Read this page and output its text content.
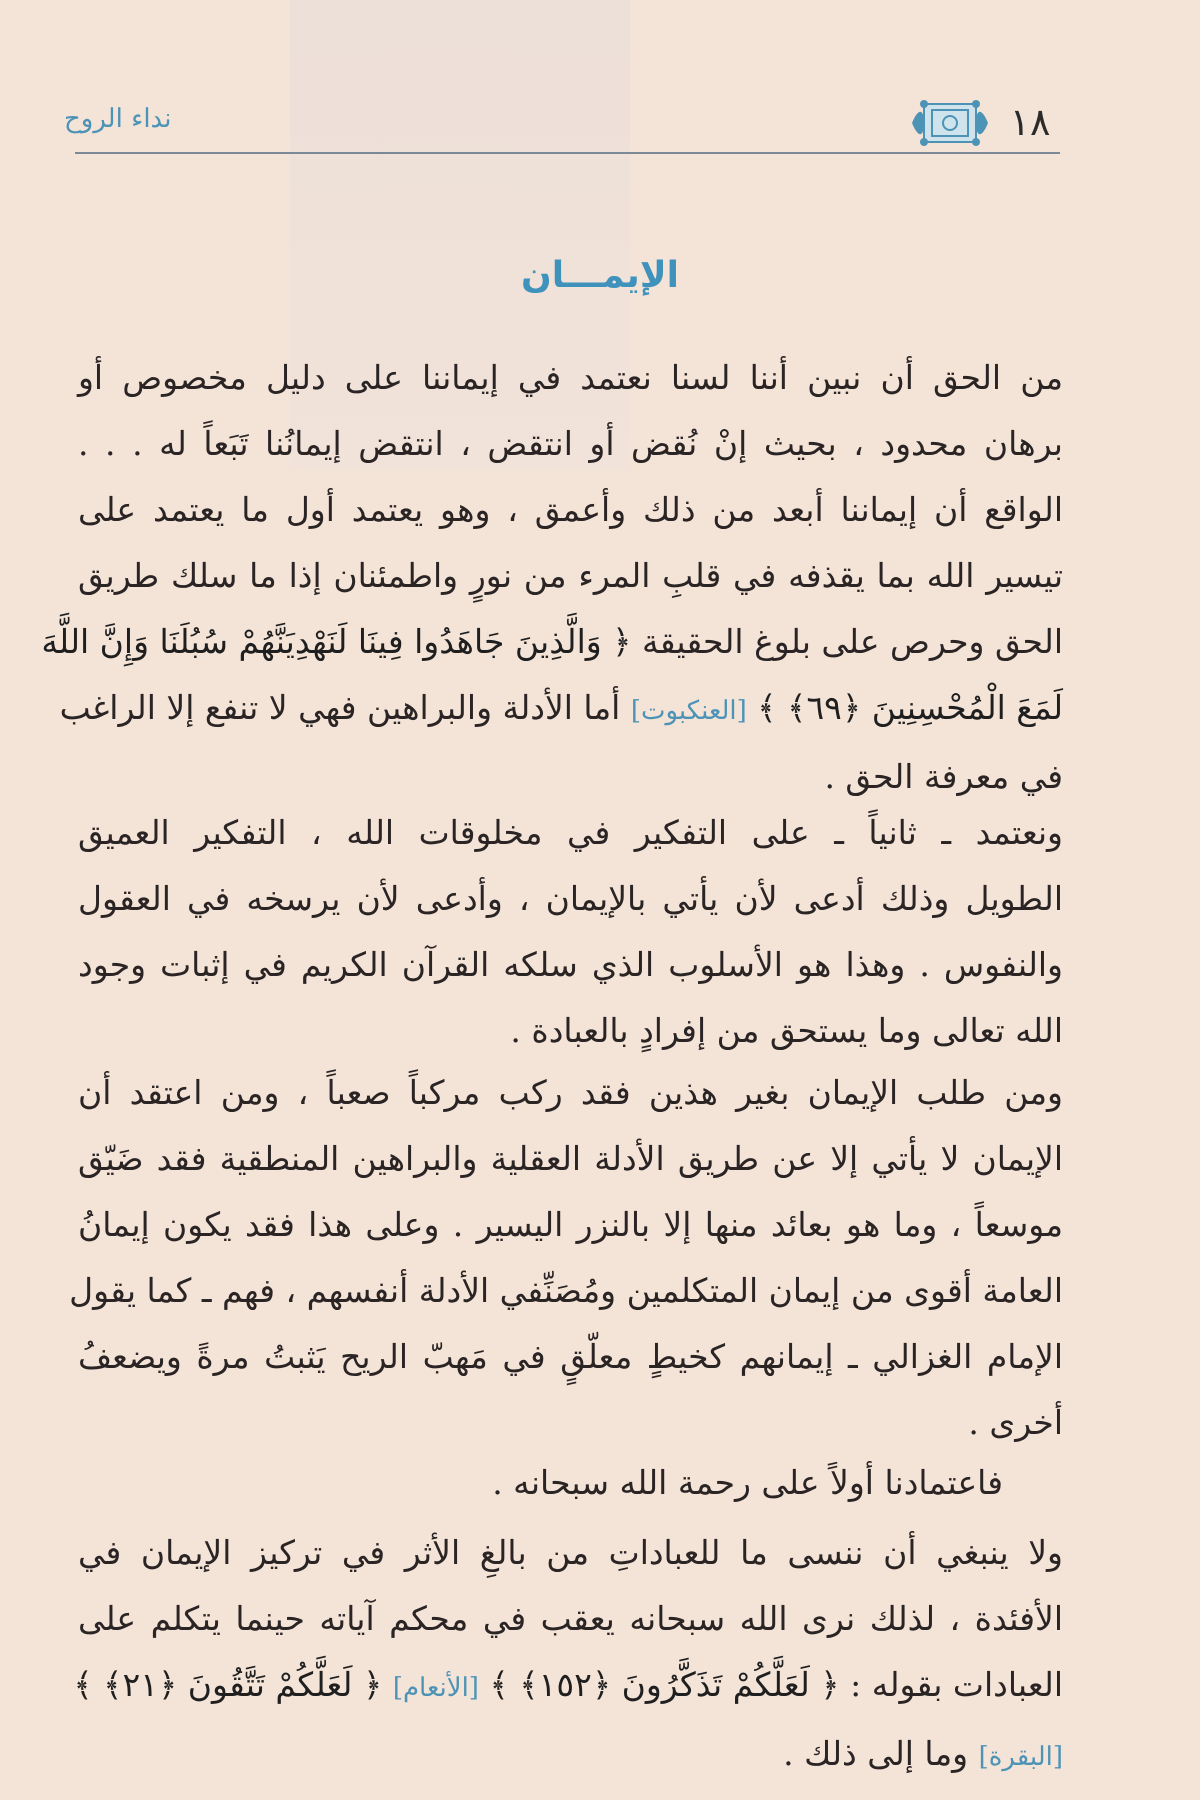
١٨
نداء الروح
الإيمـــان
من الحق أن نبين أننا لسنا نعتمد في إيماننا على دليل مخصوص أو
برهان محدود ، بحيث إنْ نُقض أو انتقض ، انتقض إيمانُنا تَبَعاً له . . .
الواقع أن إيماننا أبعد من ذلك وأعمق ، وهو يعتمد أول ما يعتمد على
تيسير الله بما يقذفه في قلبِ المرء من نورٍ واطمئنان إذا ما سلك طريق
الحق وحرص على بلوغ الحقيقة ﴿ وَالَّذِينَ جَاهَدُوا فِينَا لَنَهْدِيَنَّهُمْ سُبُلَنَا وَإِنَّ اللَّهَ
لَمَعَ الْمُحْسِنِينَ ﴿٦٩﴾ ﴾ [العنكبوت] أما الأدلة والبراهين فهي لا تنفع إلا الراغب
في معرفة الحق .
ونعتمد ـ ثانياً ـ على التفكير في مخلوقات الله ، التفكير العميق
الطويل وذلك أدعى لأن يأتي بالإيمان ، وأدعى لأن يرسخه في العقول
والنفوس . وهذا هو الأسلوب الذي سلكه القرآن الكريم في إثبات وجود
الله تعالى وما يستحق من إفرادٍ بالعبادة .
ومن طلب الإيمان بغير هذين فقد ركب مركباً صعباً ، ومن اعتقد أن
الإيمان لا يأتي إلا عن طريق الأدلة العقلية والبراهين المنطقية فقد ضَيّق
موسعاً ، وما هو بعائد منها إلا بالنزر اليسير . وعلى هذا فقد يكون إيمانُ
العامة أقوى من إيمان المتكلمين ومُصَنِّفي الأدلة أنفسهم ، فهم ـ كما يقول
الإمام الغزالي ـ إيمانهم كخيطٍ معلّقٍ في مَهبّ الريح يَثبتُ مرةً ويضعفُ
أخرى .
فاعتمادنا أولاً على رحمة الله سبحانه .
ولا ينبغي أن ننسى ما للعباداتِ من بالغِ الأثر في تركيز الإيمان في
الأفئدة ، لذلك نرى الله سبحانه يعقب في محكم آياته حينما يتكلم على
العبادات بقوله : ﴿ لَعَلَّكُمْ تَذَكَّرُونَ ﴿١٥٢﴾ ﴾ [الأنعام] ﴿ لَعَلَّكُمْ تَتَّقُونَ ﴿٢١﴾ ﴾
[البقرة] وما إلى ذلك .
